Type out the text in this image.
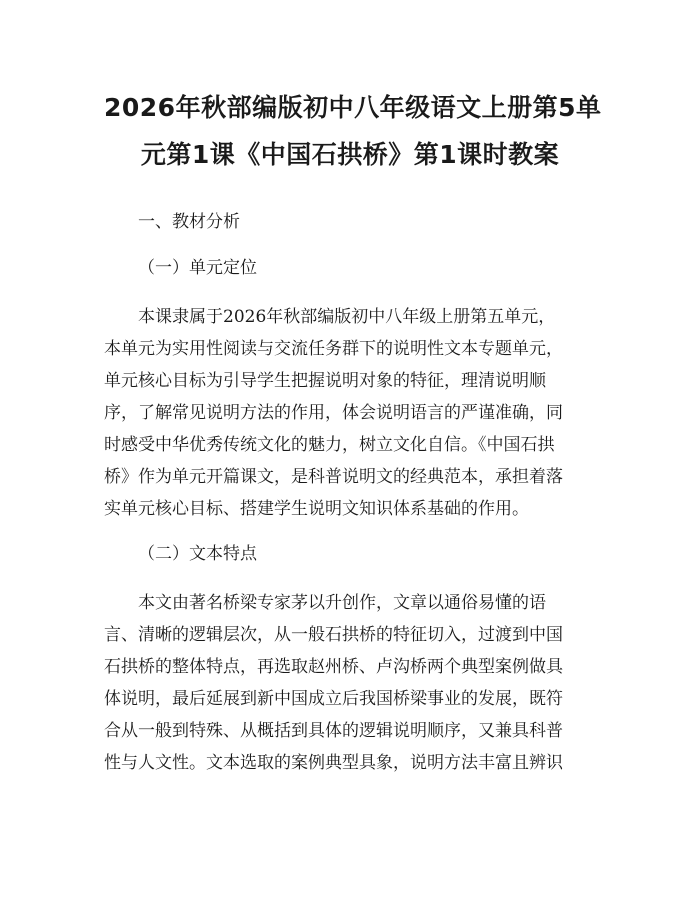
2026年秋部编版初中八年级语文上册第5单
元第1课《中国石拱桥》第1课时教案

一、教材分析

（一）单元定位

本课隶属于2026年秋部编版初中八年级上册第五单元，
本单元为实用性阅读与交流任务群下的说明性文本专题单元，
单元核心目标为引导学生把握说明对象的特征，理清说明顺
序，了解常见说明方法的作用，体会说明语言的严谨准确，同
时感受中华优秀传统文化的魅力，树立文化自信。《中国石拱
桥》作为单元开篇课文，是科普说明文的经典范本，承担着落
实单元核心目标、搭建学生说明文知识体系基础的作用。

（二）文本特点

本文由著名桥梁专家茅以升创作，文章以通俗易懂的语
言、清晰的逻辑层次，从一般石拱桥的特征切入，过渡到中国
石拱桥的整体特点，再选取赵州桥、卢沟桥两个典型案例做具
体说明，最后延展到新中国成立后我国桥梁事业的发展，既符
合从一般到特殊、从概括到具体的逻辑说明顺序，又兼具科普
性与人文性。文本选取的案例典型具象，说明方法丰富且辨识
